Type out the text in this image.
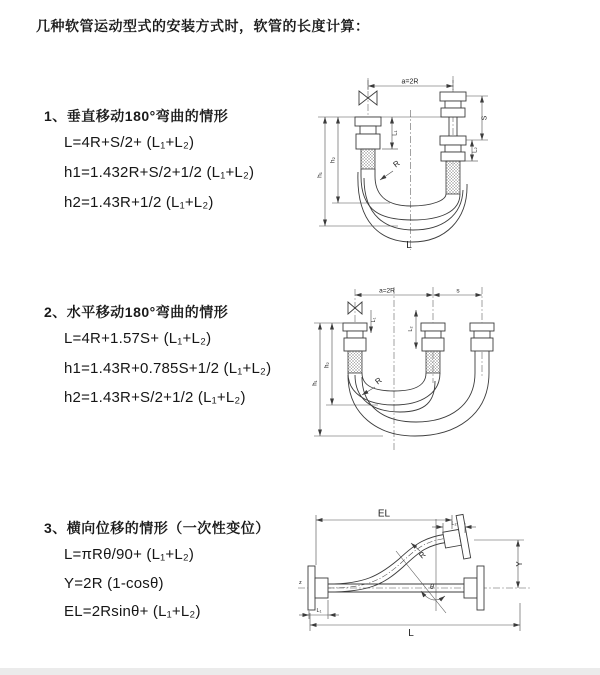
几种软管运动型式的安装方式时，软管的长度计算：
1、垂直移动180°弯曲的情形
L=4R+S/2+ (L₁+L₂)
h1=1.432R+S/2+1/2 (L₁+L₂)
h2=1.43R+1/2 (L₁+L₂)
2、水平移动180°弯曲的情形
L=4R+1.57S+ (L₁+L₂)
h1=1.43R+0.785S+1/2 (L₁+L₂)
h2=1.43R+S/2+1/2 (L₁+L₂)
3、横向位移的情形（一次性变位）
L=πRθ/90+ (L₁+L₂)
Y=2R (1-cosθ)
EL=2Rsinθ+ (L₁+L₂)
a=2R
h₂
h₁
L₁
S
L₂
R
L
a=2R	s
L₁
L₂
h₂
h₁	R
z
θ
R
EL
L₂
Y
L
L₁
